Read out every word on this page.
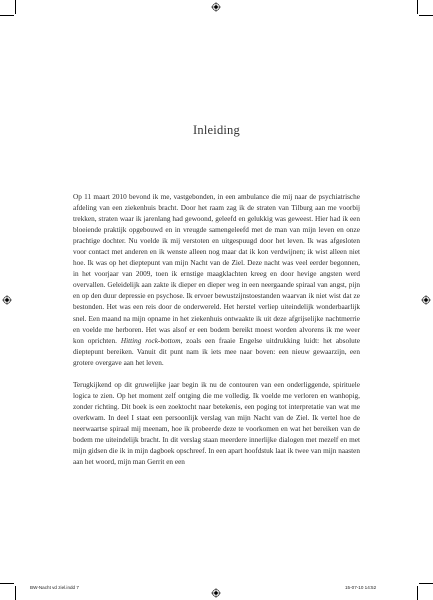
Inleiding

Op 11 maart 2010 bevond ik me, vastgebonden, in een ambulance die mij naar de psychiatrische afdeling van een ziekenhuis bracht. Door het raam zag ik de straten van Tilburg aan me voorbij trekken, straten waar ik jarenlang had gewoond, geleefd en gelukkig was geweest. Hier had ik een bloeiende praktijk opgebouwd en in vreugde samengeleefd met de man van mijn leven en onze prachtige dochter. Nu voelde ik mij verstoten en uitgespuugd door het leven. Ik was afgesloten voor contact met anderen en ik wenste alleen nog maar dat ik kon verdwijnen; ik wist alleen niet hoe. Ik was op het dieptepunt van mijn Nacht van de Ziel. Deze nacht was veel eerder begonnen, in het voorjaar van 2009, toen ik ernstige maagklachten kreeg en door hevige angsten werd overvallen. Geleidelijk aan zakte ik dieper en dieper weg in een neergaande spiraal van angst, pijn en op den duur depressie en psychose. Ik ervoer bewustzijnstoestanden waarvan ik niet wist dat ze bestonden. Het was een reis door de onderwereld. Het herstel verliep uiteindelijk wonderbaarlijk snel. Een maand na mijn opname in het ziekenhuis ontwaakte ik uit deze afgrijselijke nachtmerrie en voelde me herboren. Het was alsof er een bodem bereikt moest worden alvorens ik me weer kon oprichten. Hitting rock-bottom, zoals een fraaie Engelse uitdrukking luidt: het absolute dieptepunt bereiken. Vanuit dit punt nam ik iets mee naar boven: een nieuw gewaarzijn, een grotere overgave aan het leven.

Terugkijkend op dit gruwelijke jaar begin ik nu de contouren van een onderliggende, spirituele logica te zien. Op het moment zelf ontging die me volledig. Ik voelde me verloren en wanhopig, zonder richting. Dit boek is een zoektocht naar betekenis, een poging tot interpretatie van wat me overkwam. In deel I staat een persoonlijk verslag van mijn Nacht van de Ziel. Ik vertel hoe de neerwaartse spiraal mij meenam, hoe ik probeerde deze te voorkomen en wat het bereiken van de bodem me uiteindelijk bracht. In dit verslag staan meerdere innerlijke dialogen met mezelf en met mijn gidsen die ik in mijn dagboek opschreef. In een apart hoofdstuk laat ik twee van mijn naasten aan het woord, mijn man Gerrit en een

BW-Nacht vd ziel.indd 7	15-07-10 14:52
